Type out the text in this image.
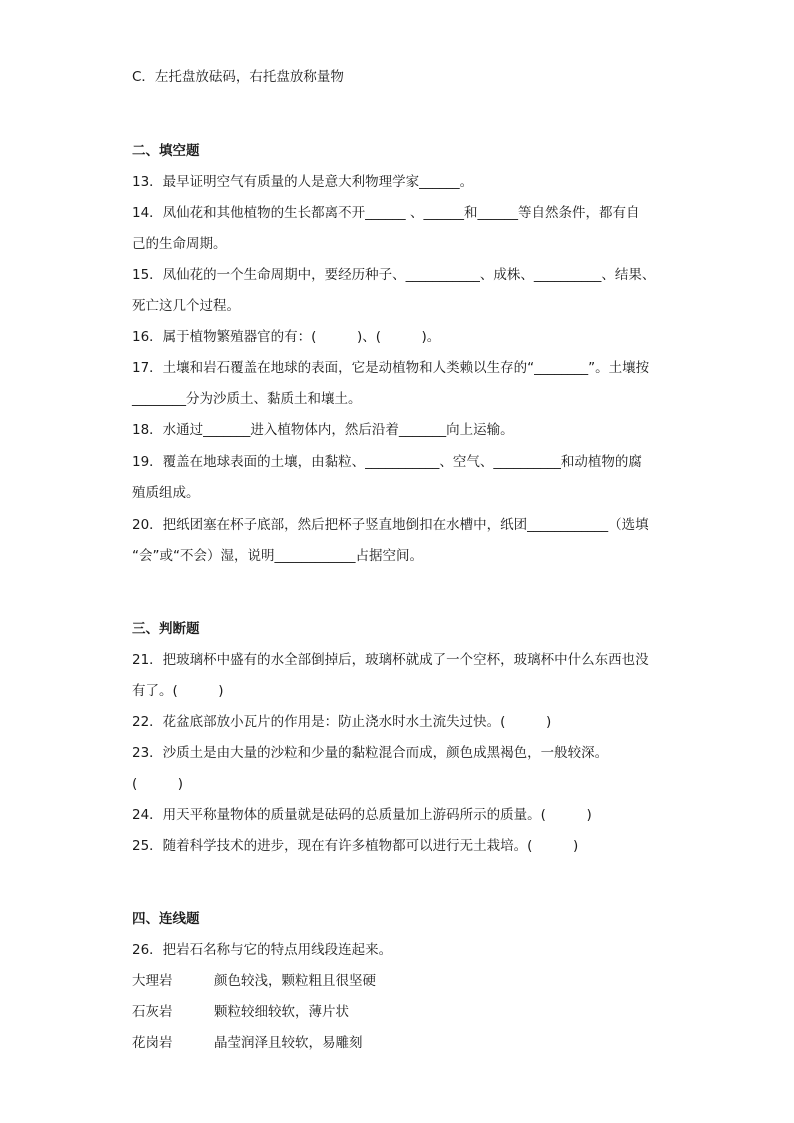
C．左托盘放砝码，右托盘放称量物
二、填空题
13．最早证明空气有质量的人是意大利物理学家______。
14．凤仙花和其他植物的生长都离不开______ 、______和______等自然条件，都有自
己的生命周期。
15．凤仙花的一个生命周期中，要经历种子、___________、成株、__________、结果、
死亡这几个过程。
16．属于植物繁殖器官的有：(　　　)、(　　　)。
17．土壤和岩石覆盖在地球的表面，它是动植物和人类赖以生存的“________”。土壤按
________分为沙质土、黏质土和壤土。
18．水通过_______进入植物体内，然后沿着_______向上运输。
19．覆盖在地球表面的土壤，由黏粒、___________、空气、__________和动植物的腐
殖质组成。
20．把纸团塞在杯子底部，然后把杯子竖直地倒扣在水槽中，纸团____________（选填
“会”或“不会）湿，说明____________占据空间。
三、判断题
21．把玻璃杯中盛有的水全部倒掉后，玻璃杯就成了一个空杯，玻璃杯中什么东西也没
有了。(　　　)
22．花盆底部放小瓦片的作用是：防止浇水时水土流失过快。(　　　)
23．沙质土是由大量的沙粒和少量的黏粒混合而成，颜色成黑褐色，一般较深。
(　　　)
24．用天平称量物体的质量就是砝码的总质量加上游码所示的质量。(　　　)
25．随着科学技术的进步，现在有许多植物都可以进行无土栽培。(　　　)
四、连线题
26．把岩石名称与它的特点用线段连起来。
大理岩	颜色较浅，颗粒粗且很坚硬
石灰岩	颗粒较细较软，薄片状
花岗岩	晶莹润泽且较软，易雕刻
